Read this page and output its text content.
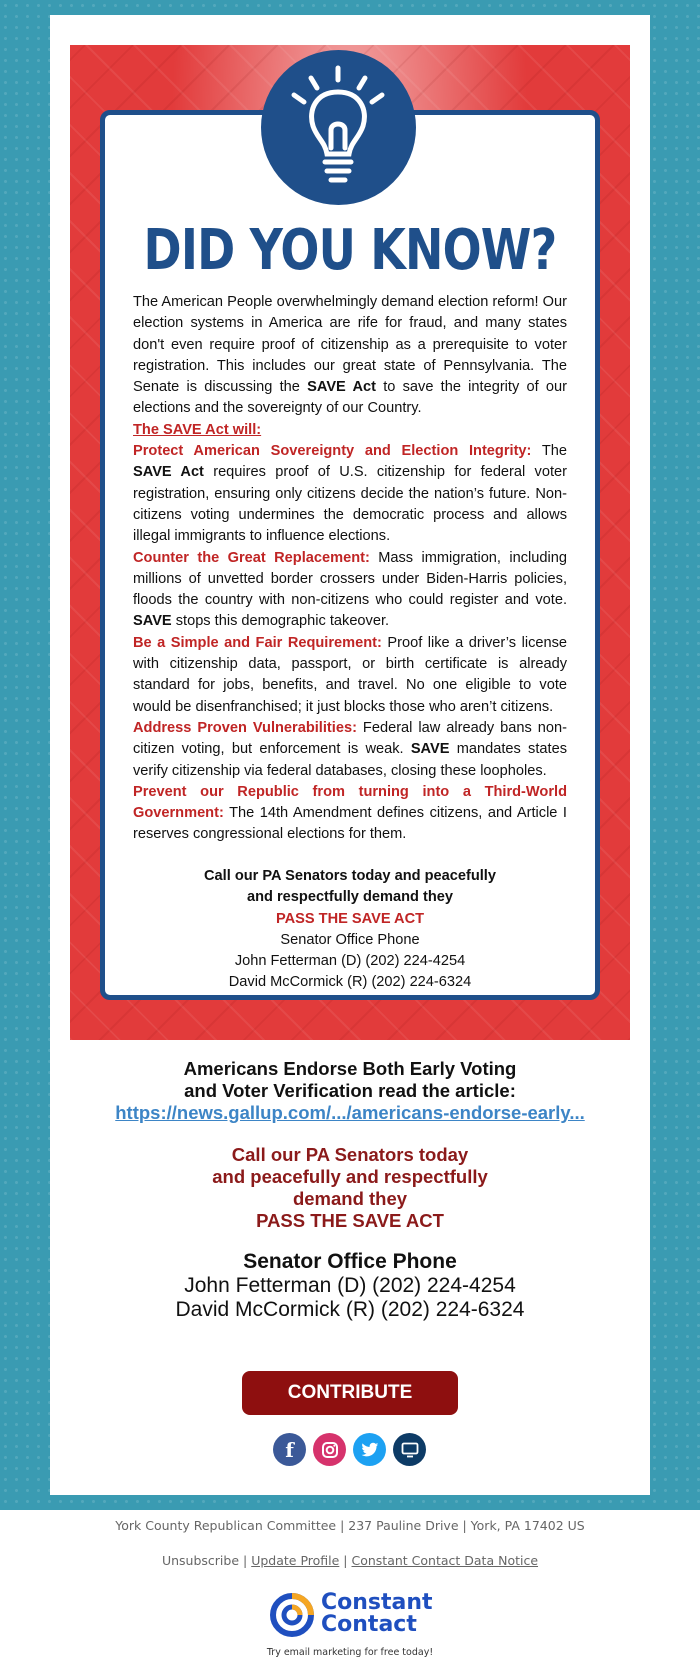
DID YOU KNOW?

The American People overwhelmingly demand election reform! Our election systems in America are rife for fraud, and many states don't even require proof of citizenship as a prerequisite to voter registration. This includes our great state of Pennsylvania. The Senate is discussing the SAVE Act to save the integrity of our elections and the sovereignty of our Country.

The SAVE Act will:

Protect American Sovereignty and Election Integrity: The SAVE Act requires proof of U.S. citizenship for federal voter registration, ensuring only citizens decide the nation’s future. Non-citizens voting undermines the democratic process and allows illegal immigrants to influence elections.

Counter the Great Replacement: Mass immigration, including millions of unvetted border crossers under Biden-Harris policies, floods the country with non-citizens who could register and vote. SAVE stops this demographic takeover.

Be a Simple and Fair Requirement: Proof like a driver’s license with citizenship data, passport, or birth certificate is already standard for jobs, benefits, and travel. No one eligible to vote would be disenfranchised; it just blocks those who aren’t citizens.

Address Proven Vulnerabilities: Federal law already bans non-citizen voting, but enforcement is weak. SAVE mandates states verify citizenship via federal databases, closing these loopholes.

Prevent our Republic from turning into a Third-World Government: The 14th Amendment defines citizens, and Article I reserves congressional elections for them.

Call our PA Senators today and peacefully
and respectfully demand they
PASS THE SAVE ACT
Senator Office Phone
John Fetterman (D) (202) 224-4254
David McCormick (R) (202) 224-6324
Americans Endorse Both Early Voting
and Voter Verification read the article:
https://news.gallup.com/.../americans-endorse-early...
Call our PA Senators today
and peacefully and respectfully
demand they
PASS THE SAVE ACT
Senator Office Phone
John Fetterman (D) (202) 224-4254
David McCormick (R) (202) 224-6324
CONTRIBUTE
f
York County Republican Committee | 237 Pauline Drive | York, PA 17402 US
Unsubscribe | Update Profile | Constant Contact Data Notice
Constant
Contact
Try email marketing for free today!
